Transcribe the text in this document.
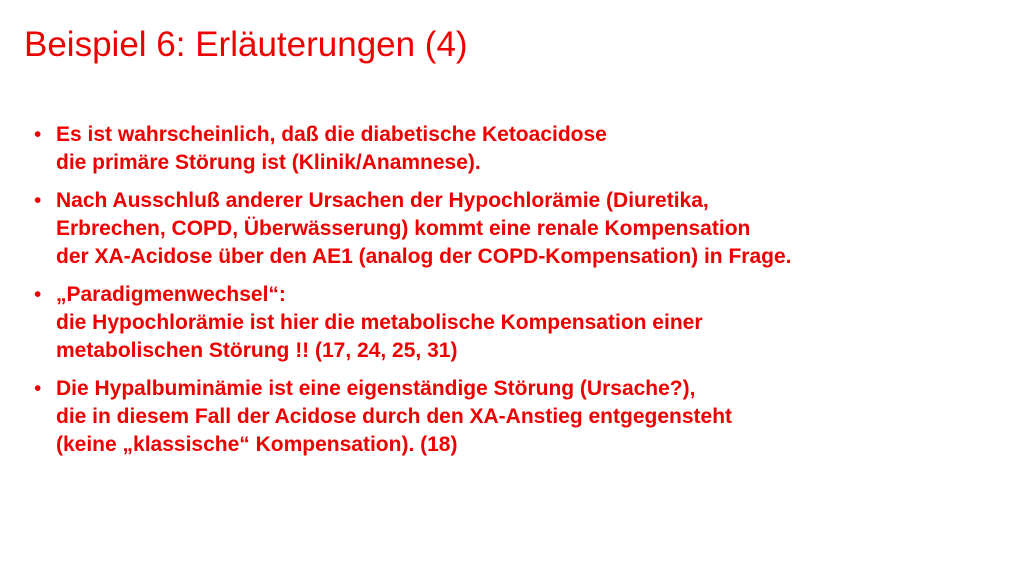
Beispiel 6: Erläuterungen (4)
• Es ist wahrscheinlich, daß die diabetische Ketoacidose
die primäre Störung ist (Klinik/Anamnese).
• Nach Ausschluß anderer Ursachen der Hypochlorämie (Diuretika,
Erbrechen, COPD, Überwässerung) kommt eine renale Kompensation
der XA-Acidose über den AE1 (analog der COPD-Kompensation) in Frage.
• „Paradigmenwechsel“:
die Hypochlorämie ist hier die metabolische Kompensation einer
metabolischen Störung !! (17, 24, 25, 31)
• Die Hypalbuminämie ist eine eigenständige Störung (Ursache?),
die in diesem Fall der Acidose durch den XA-Anstieg entgegensteht
(keine „klassische“ Kompensation). (18)
